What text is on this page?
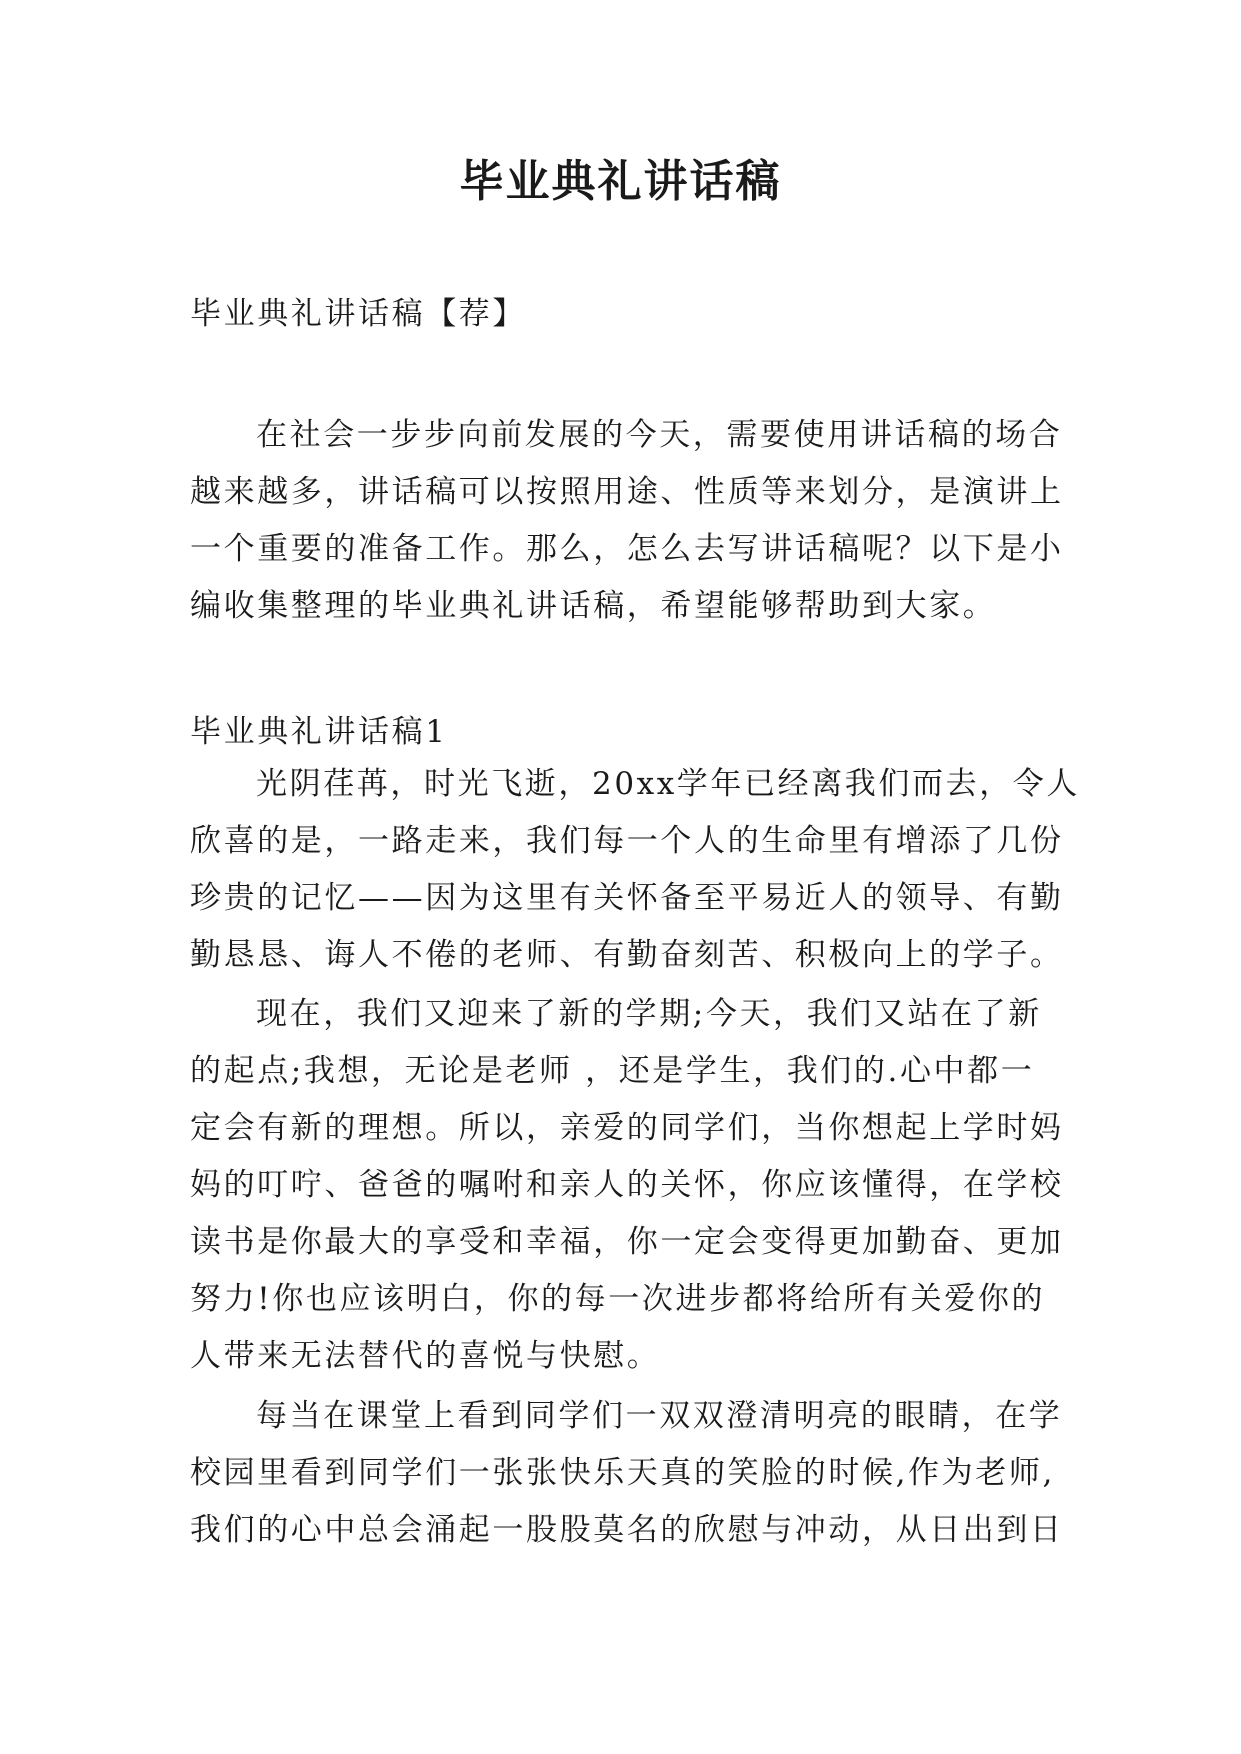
毕业典礼讲话稿

毕业典礼讲话稿【荐】

在社会一步步向前发展的今天，需要使用讲话稿的场合
越来越多，讲话稿可以按照用途、性质等来划分，是演讲上
一个重要的准备工作。那么，怎么去写讲话稿呢？以下是小
编收集整理的毕业典礼讲话稿，希望能够帮助到大家。

毕业典礼讲话稿1

光阴荏苒，时光飞逝，20xx学年已经离我们而去，令人
欣喜的是，一路走来，我们每一个人的生命里有增添了几份
珍贵的记忆——因为这里有关怀备至平易近人的领导、有勤
勤恳恳、诲人不倦的老师、有勤奋刻苦、积极向上的学子。

现在，我们又迎来了新的学期;今天，我们又站在了新
的起点;我想，无论是老师 ，还是学生，我们的.心中都一
定会有新的理想。所以，亲爱的同学们，当你想起上学时妈
妈的叮咛、爸爸的嘱咐和亲人的关怀，你应该懂得，在学校
读书是你最大的享受和幸福，你一定会变得更加勤奋、更加
努力!你也应该明白，你的每一次进步都将给所有关爱你的
人带来无法替代的喜悦与快慰。

每当在课堂上看到同学们一双双澄清明亮的眼睛，在学
校园里看到同学们一张张快乐天真的笑脸的时候,作为老师,
我们的心中总会涌起一股股莫名的欣慰与冲动，从日出到日
